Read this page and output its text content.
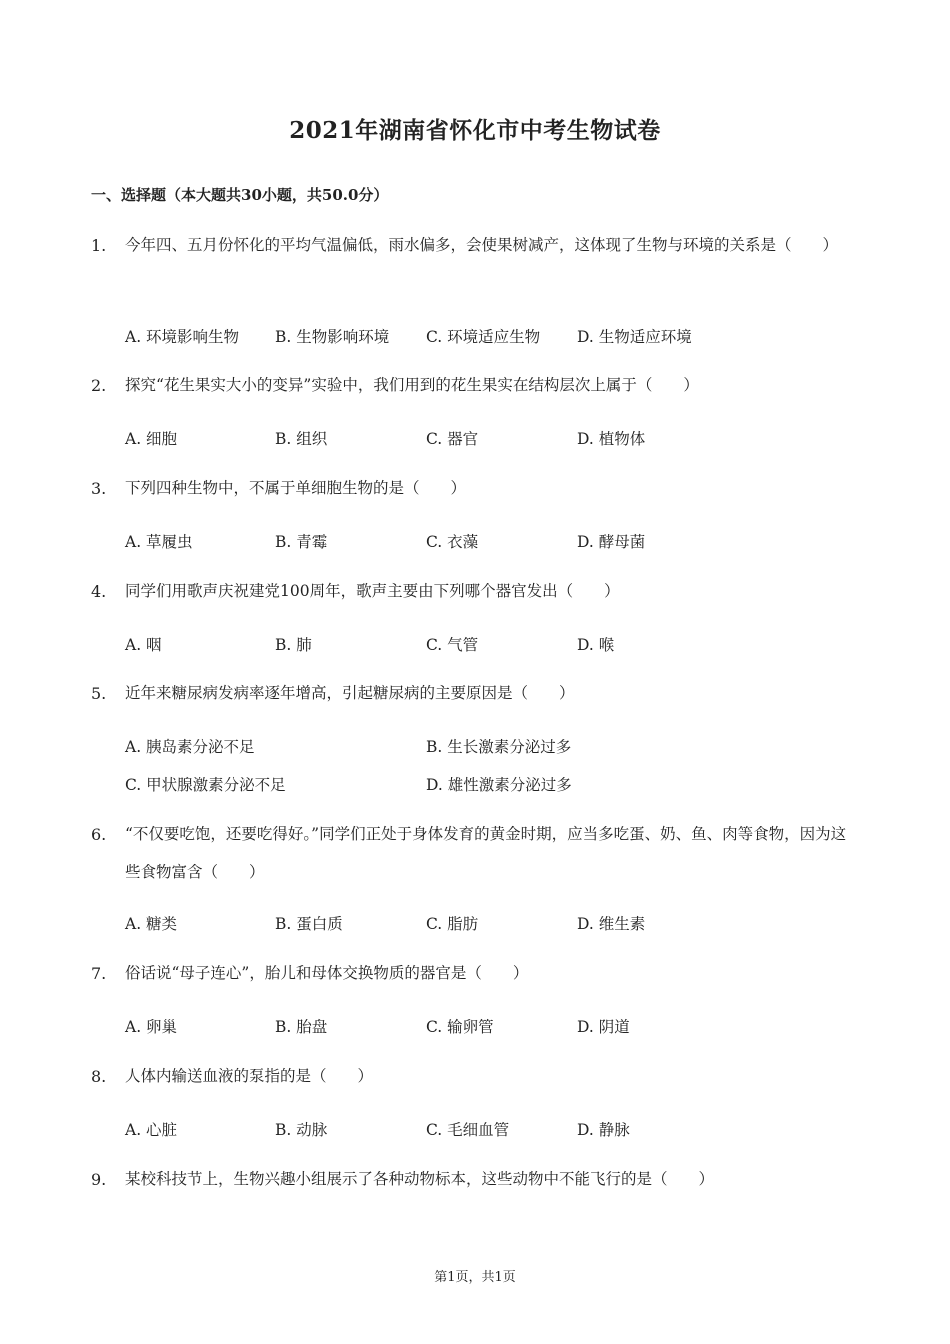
2021年湖南省怀化市中考生物试卷
一、选择题（本大题共30小题，共50.0分）
1. 今年四、五月份怀化的平均气温偏低，雨水偏多，会使果树减产，这体现了生物与环境的关系是（　　）
A. 环境影响生物 B. 生物影响环境 C. 环境适应生物 D. 生物适应环境
2. 探究“花生果实大小的变异”实验中，我们用到的花生果实在结构层次上属于（　　）
A. 细胞	B. 组织	C. 器官	D. 植物体
3. 下列四种生物中，不属于单细胞生物的是（　　）
A. 草履虫	B. 青霉	C. 衣藻	D. 酵母菌
4. 同学们用歌声庆祝建党100周年，歌声主要由下列哪个器官发出（　　）
A. 咽	B. 肺	C. 气管	D. 喉
5. 近年来糖尿病发病率逐年增高，引起糖尿病的主要原因是（　　）
A. 胰岛素分泌不足	B. 生长激素分泌过多
C. 甲状腺激素分泌不足	D. 雄性激素分泌过多
6. “不仅要吃饱，还要吃得好。”同学们正处于身体发育的黄金时期，应当多吃蛋、奶、鱼、肉等食物，因为这些食物富含（　　）
A. 糖类	B. 蛋白质	C. 脂肪	D. 维生素
7. 俗话说“母子连心”，胎儿和母体交换物质的器官是（　　）
A. 卵巢	B. 胎盘	C. 输卵管	D. 阴道
8. 人体内输送血液的泵指的是（　　）
A. 心脏	B. 动脉	C. 毛细血管	D. 静脉
9. 某校科技节上，生物兴趣小组展示了各种动物标本，这些动物中不能飞行的是（　　）
第1页，共1页
